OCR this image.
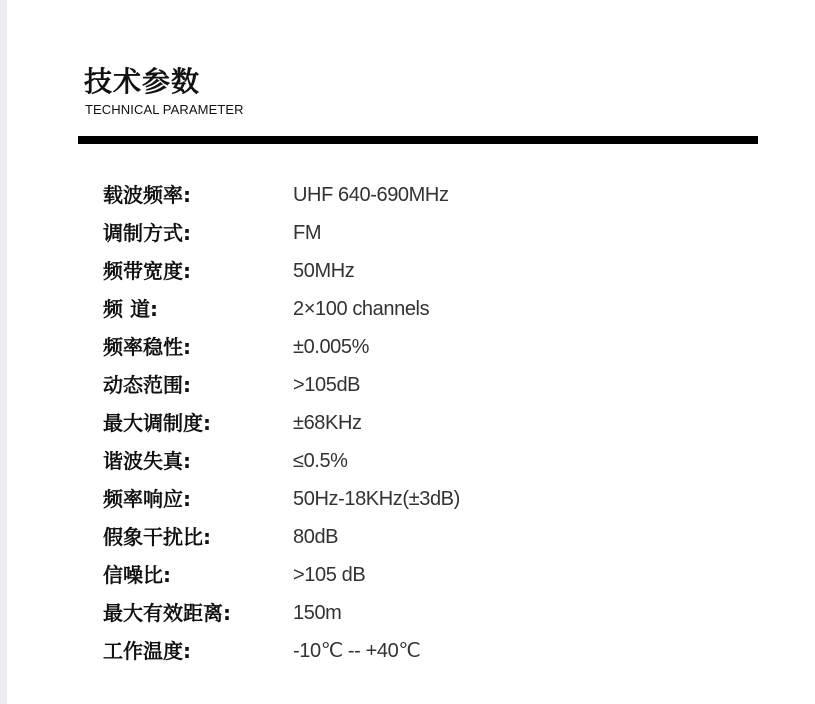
技术参数
TECHNICAL PARAMETER
载波频率:	UHF 640-690MHz
调制方式:	FM
频带宽度:	50MHz
频 道:	2×100 channels
频率稳性:	±0.005%
动态范围:	>105dB
最大调制度:	±68KHz
谐波失真:	≤0.5%
频率响应:	50Hz-18KHz(±3dB)
假象干扰比:	80dB
信噪比:	>105 dB
最大有效距离:	150m
工作温度:	-10℃ -- +40℃
